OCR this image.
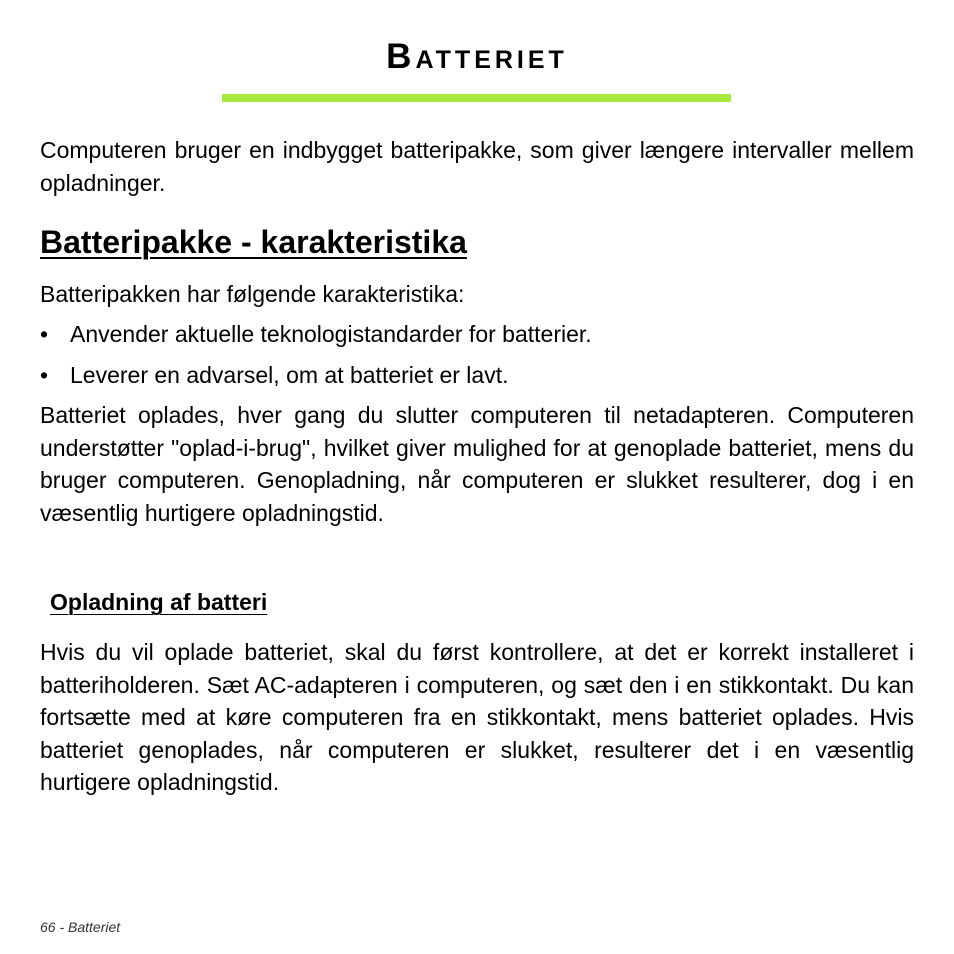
Batteriet

Computeren bruger en indbygget batteripakke, som giver længere intervaller mellem opladninger.

Batteripakke - karakteristika

Batteripakken har følgende karakteristika:

• Anvender aktuelle teknologistandarder for batterier.
• Leverer en advarsel, om at batteriet er lavt.

Batteriet oplades, hver gang du slutter computeren til netadapteren. Computeren understøtter "oplad-i-brug", hvilket giver mulighed for at genoplade batteriet, mens du bruger computeren. Genopladning, når computeren er slukket resulterer, dog i en væsentlig hurtigere opladningstid.

Opladning af batteri

Hvis du vil oplade batteriet, skal du først kontrollere, at det er korrekt installeret i batteriholderen. Sæt AC-adapteren i computeren, og sæt den i en stikkontakt. Du kan fortsætte med at køre computeren fra en stikkontakt, mens batteriet oplades. Hvis batteriet genoplades, når computeren er slukket, resulterer det i en væsentlig hurtigere opladningstid.

66 - Batteriet
